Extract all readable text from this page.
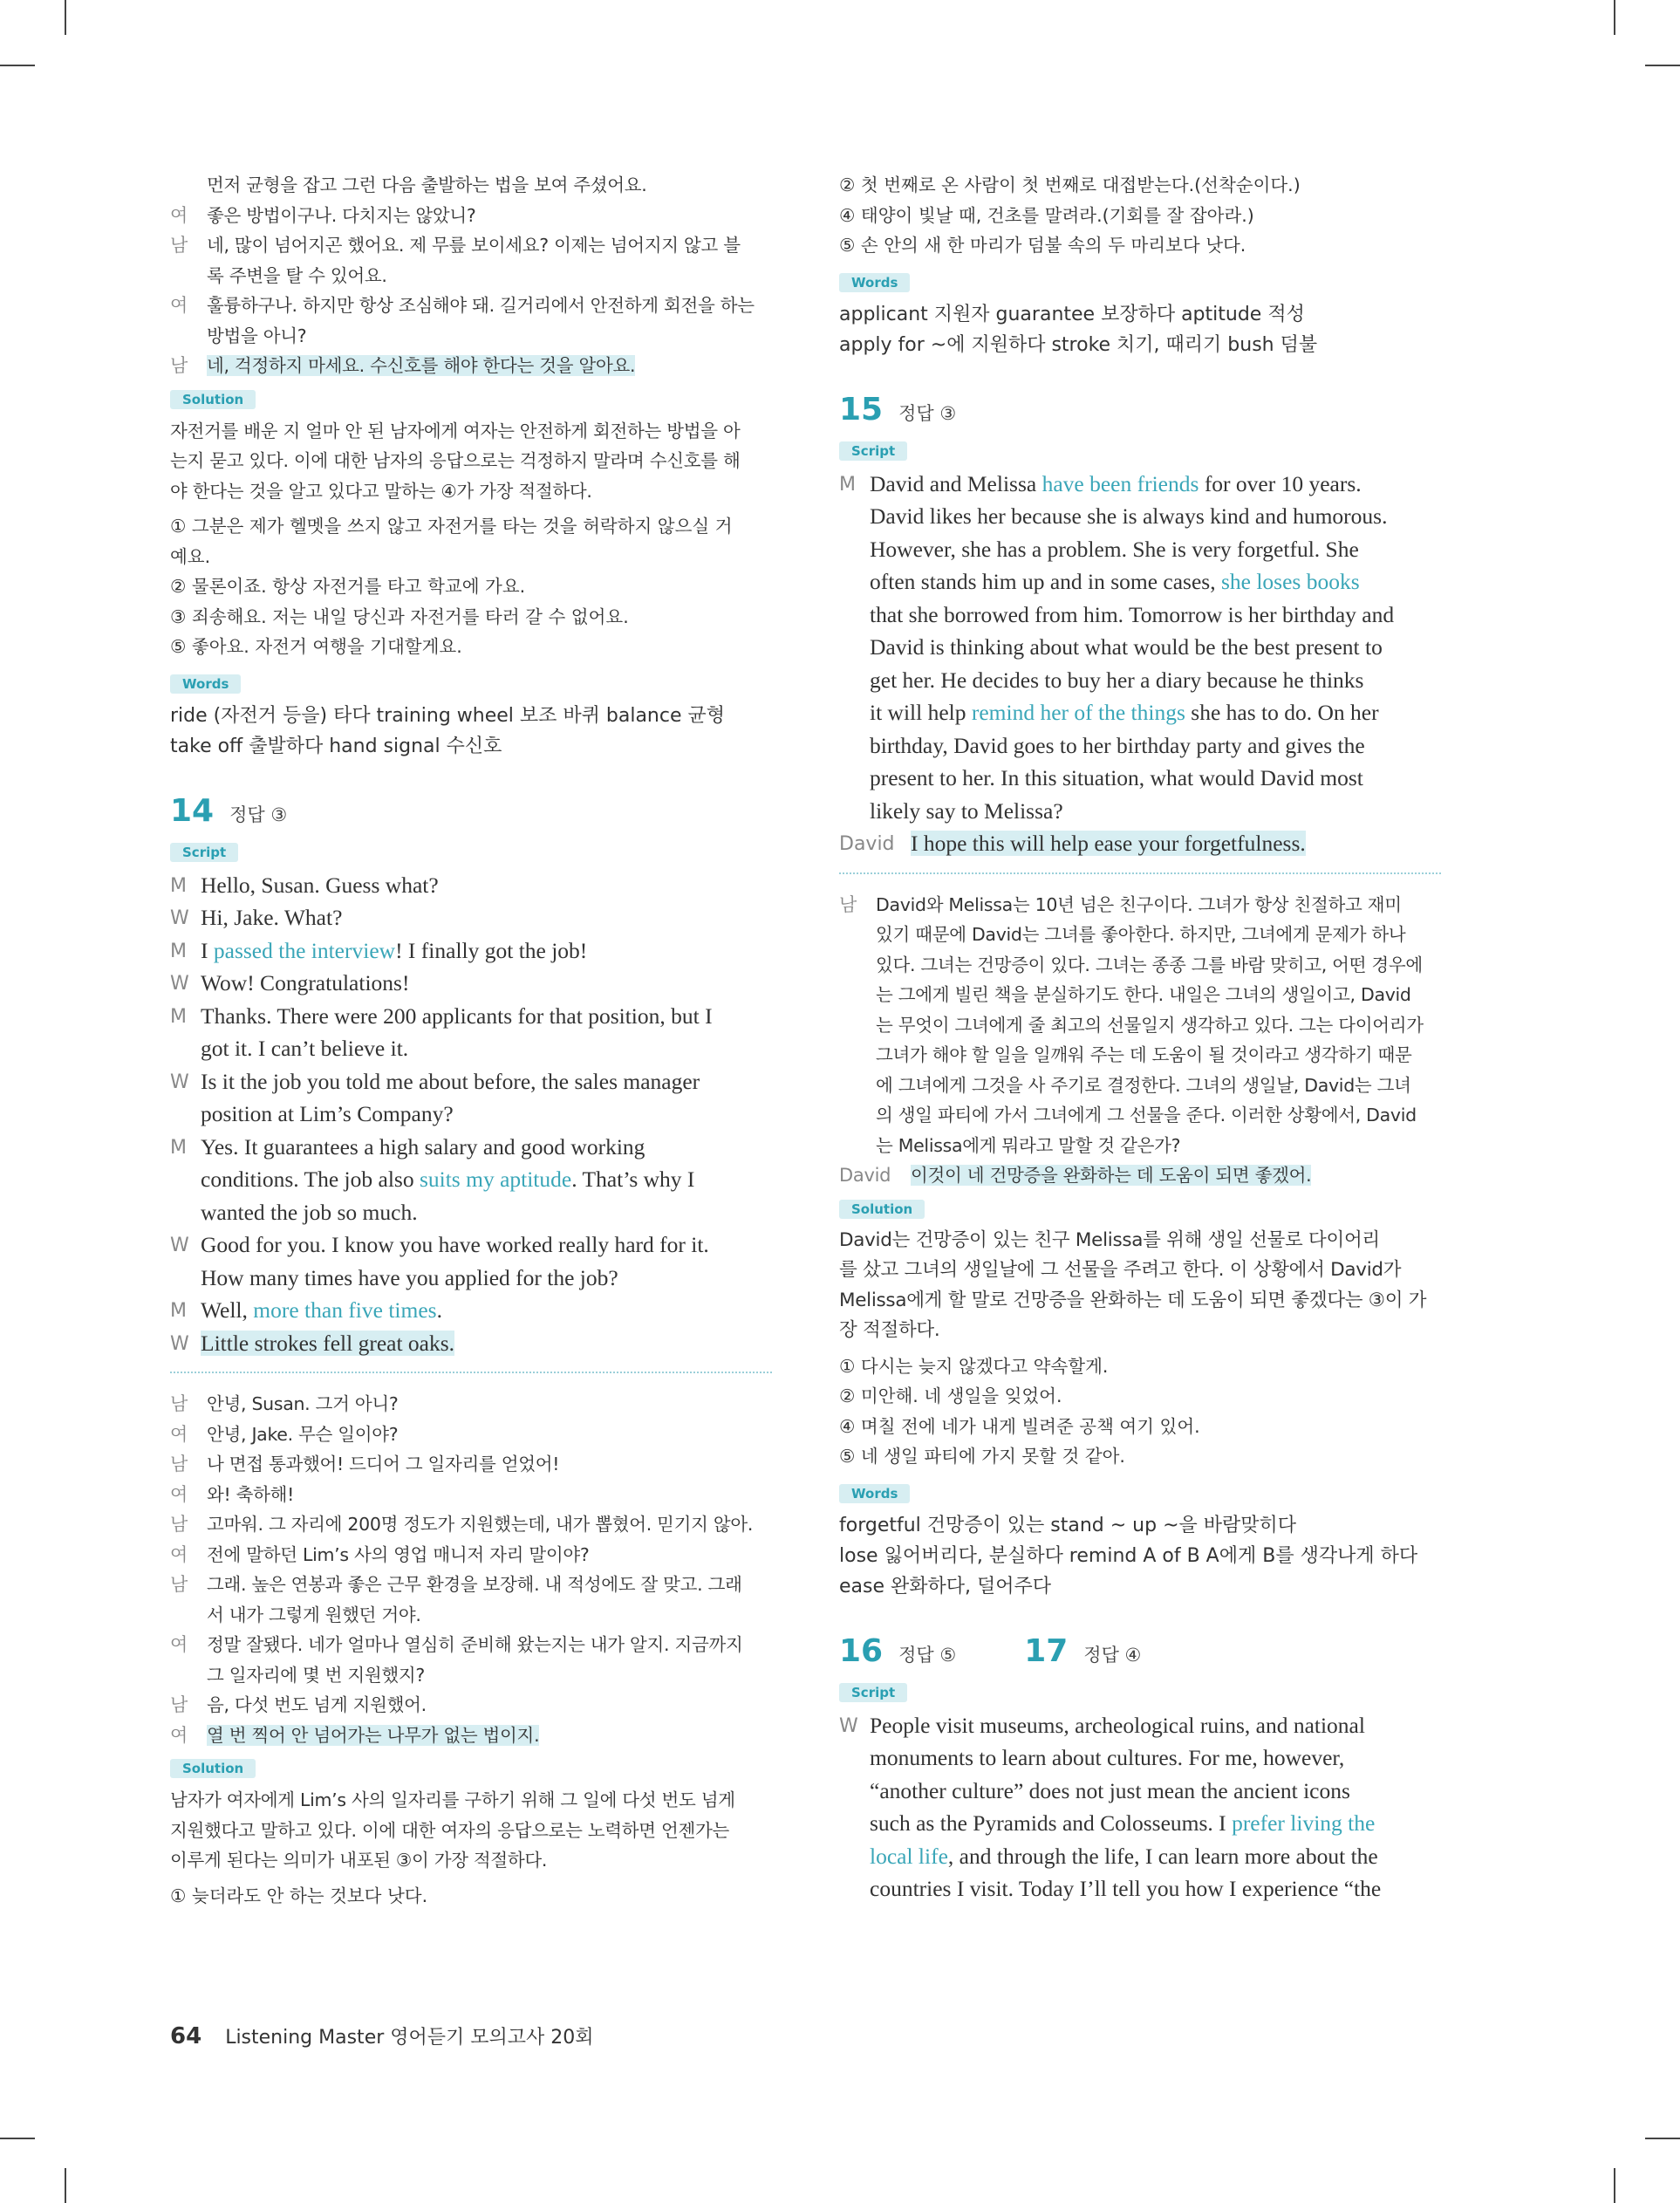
먼저 균형을 잡고 그런 다음 출발하는 법을 보여 주셨어요.
여 좋은 방법이구나. 다치지는 않았니?
남 네, 많이 넘어지곤 했어요. 제 무릎 보이세요? 이제는 넘어지지 않고 블
록 주변을 탈 수 있어요.
여 훌륭하구나. 하지만 항상 조심해야 돼. 길거리에서 안전하게 회전을 하는
방법을 아니?
남 네, 걱정하지 마세요. 수신호를 해야 한다는 것을 알아요.
Solution
자전거를 배운 지 얼마 안 된 남자에게 여자는 안전하게 회전하는 방법을 아
는지 묻고 있다. 이에 대한 남자의 응답으로는 걱정하지 말라며 수신호를 해
야 한다는 것을 알고 있다고 말하는 ④가 가장 적절하다.
① 그분은 제가 헬멧을 쓰지 않고 자전거를 타는 것을 허락하지 않으실 거
예요.
② 물론이죠. 항상 자전거를 타고 학교에 가요.
③ 죄송해요. 저는 내일 당신과 자전거를 타러 갈 수 없어요.
⑤ 좋아요. 자전거 여행을 기대할게요.
Words
ride (자전거 등을) 타다 training wheel 보조 바퀴 balance 균형
take off 출발하다 hand signal 수신호
14 정답 ③
Script
M Hello, Susan. Guess what?
W Hi, Jake. What?
M I passed the interview! I finally got the job!
W Wow! Congratulations!
M Thanks. There were 200 applicants for that position, but I
got it. I can’t believe it.
W Is it the job you told me about before, the sales manager
position at Lim’s Company?
M Yes. It guarantees a high salary and good working
conditions. The job also suits my aptitude. That’s why I
wanted the job so much.
W Good for you. I know you have worked really hard for it.
How many times have you applied for the job?
M Well, more than five times.
W Little strokes fell great oaks.
남 안녕, Susan. 그거 아니?
여 안녕, Jake. 무슨 일이야?
남 나 면접 통과했어! 드디어 그 일자리를 얻었어!
여 와! 축하해!
남 고마워. 그 자리에 200명 정도가 지원했는데, 내가 뽑혔어. 믿기지 않아.
여 전에 말하던 Lim’s 사의 영업 매니저 자리 말이야?
남 그래. 높은 연봉과 좋은 근무 환경을 보장해. 내 적성에도 잘 맞고. 그래
서 내가 그렇게 원했던 거야.
여 정말 잘됐다. 네가 얼마나 열심히 준비해 왔는지는 내가 알지. 지금까지
그 일자리에 몇 번 지원했지?
남 음, 다섯 번도 넘게 지원했어.
여 열 번 찍어 안 넘어가는 나무가 없는 법이지.
Solution
남자가 여자에게 Lim’s 사의 일자리를 구하기 위해 그 일에 다섯 번도 넘게
지원했다고 말하고 있다. 이에 대한 여자의 응답으로는 노력하면 언젠가는
이루게 된다는 의미가 내포된 ③이 가장 적절하다.
① 늦더라도 안 하는 것보다 낫다.
② 첫 번째로 온 사람이 첫 번째로 대접받는다.(선착순이다.)
④ 태양이 빛날 때, 건초를 말려라.(기회를 잘 잡아라.)
⑤ 손 안의 새 한 마리가 덤불 속의 두 마리보다 낫다.
Words
applicant 지원자 guarantee 보장하다 aptitude 적성
apply for ~에 지원하다 stroke 치기, 때리기 bush 덤불
15 정답 ③
Script
M David and Melissa have been friends for over 10 years.
David likes her because she is always kind and humorous.
However, she has a problem. She is very forgetful. She
often stands him up and in some cases, she loses books
that she borrowed from him. Tomorrow is her birthday and
David is thinking about what would be the best present to
get her. He decides to buy her a diary because he thinks
it will help remind her of the things she has to do. On her
birthday, David goes to her birthday party and gives the
present to her. In this situation, what would David most
likely say to Melissa?
David I hope this will help ease your forgetfulness.
남 David와 Melissa는 10년 넘은 친구이다. 그녀가 항상 친절하고 재미
있기 때문에 David는 그녀를 좋아한다. 하지만, 그녀에게 문제가 하나
있다. 그녀는 건망증이 있다. 그녀는 종종 그를 바람 맞히고, 어떤 경우에
는 그에게 빌린 책을 분실하기도 한다. 내일은 그녀의 생일이고, David
는 무엇이 그녀에게 줄 최고의 선물일지 생각하고 있다. 그는 다이어리가
그녀가 해야 할 일을 일깨워 주는 데 도움이 될 것이라고 생각하기 때문
에 그녀에게 그것을 사 주기로 결정한다. 그녀의 생일날, David는 그녀
의 생일 파티에 가서 그녀에게 그 선물을 준다. 이러한 상황에서, David
는 Melissa에게 뭐라고 말할 것 같은가?
David 이것이 네 건망증을 완화하는 데 도움이 되면 좋겠어.
Solution
David는 건망증이 있는 친구 Melissa를 위해 생일 선물로 다이어리
를 샀고 그녀의 생일날에 그 선물을 주려고 한다. 이 상황에서 David가
Melissa에게 할 말로 건망증을 완화하는 데 도움이 되면 좋겠다는 ③이 가
장 적절하다.
① 다시는 늦지 않겠다고 약속할게.
② 미안해. 네 생일을 잊었어.
④ 며칠 전에 네가 내게 빌려준 공책 여기 있어.
⑤ 네 생일 파티에 가지 못할 것 같아.
Words
forgetful 건망증이 있는 stand ~ up ~을 바람맞히다
lose 잃어버리다, 분실하다 remind A of B A에게 B를 생각나게 하다
ease 완화하다, 덜어주다
16 정답 ⑤ 17 정답 ④
Script
W People visit museums, archeological ruins, and national
monuments to learn about cultures. For me, however,
“another culture” does not just mean the ancient icons
such as the Pyramids and Colosseums. I prefer living the
local life, and through the life, I can learn more about the
countries I visit. Today I’ll tell you how I experience “the
64 Listening Master 영어듣기 모의고사 20회
